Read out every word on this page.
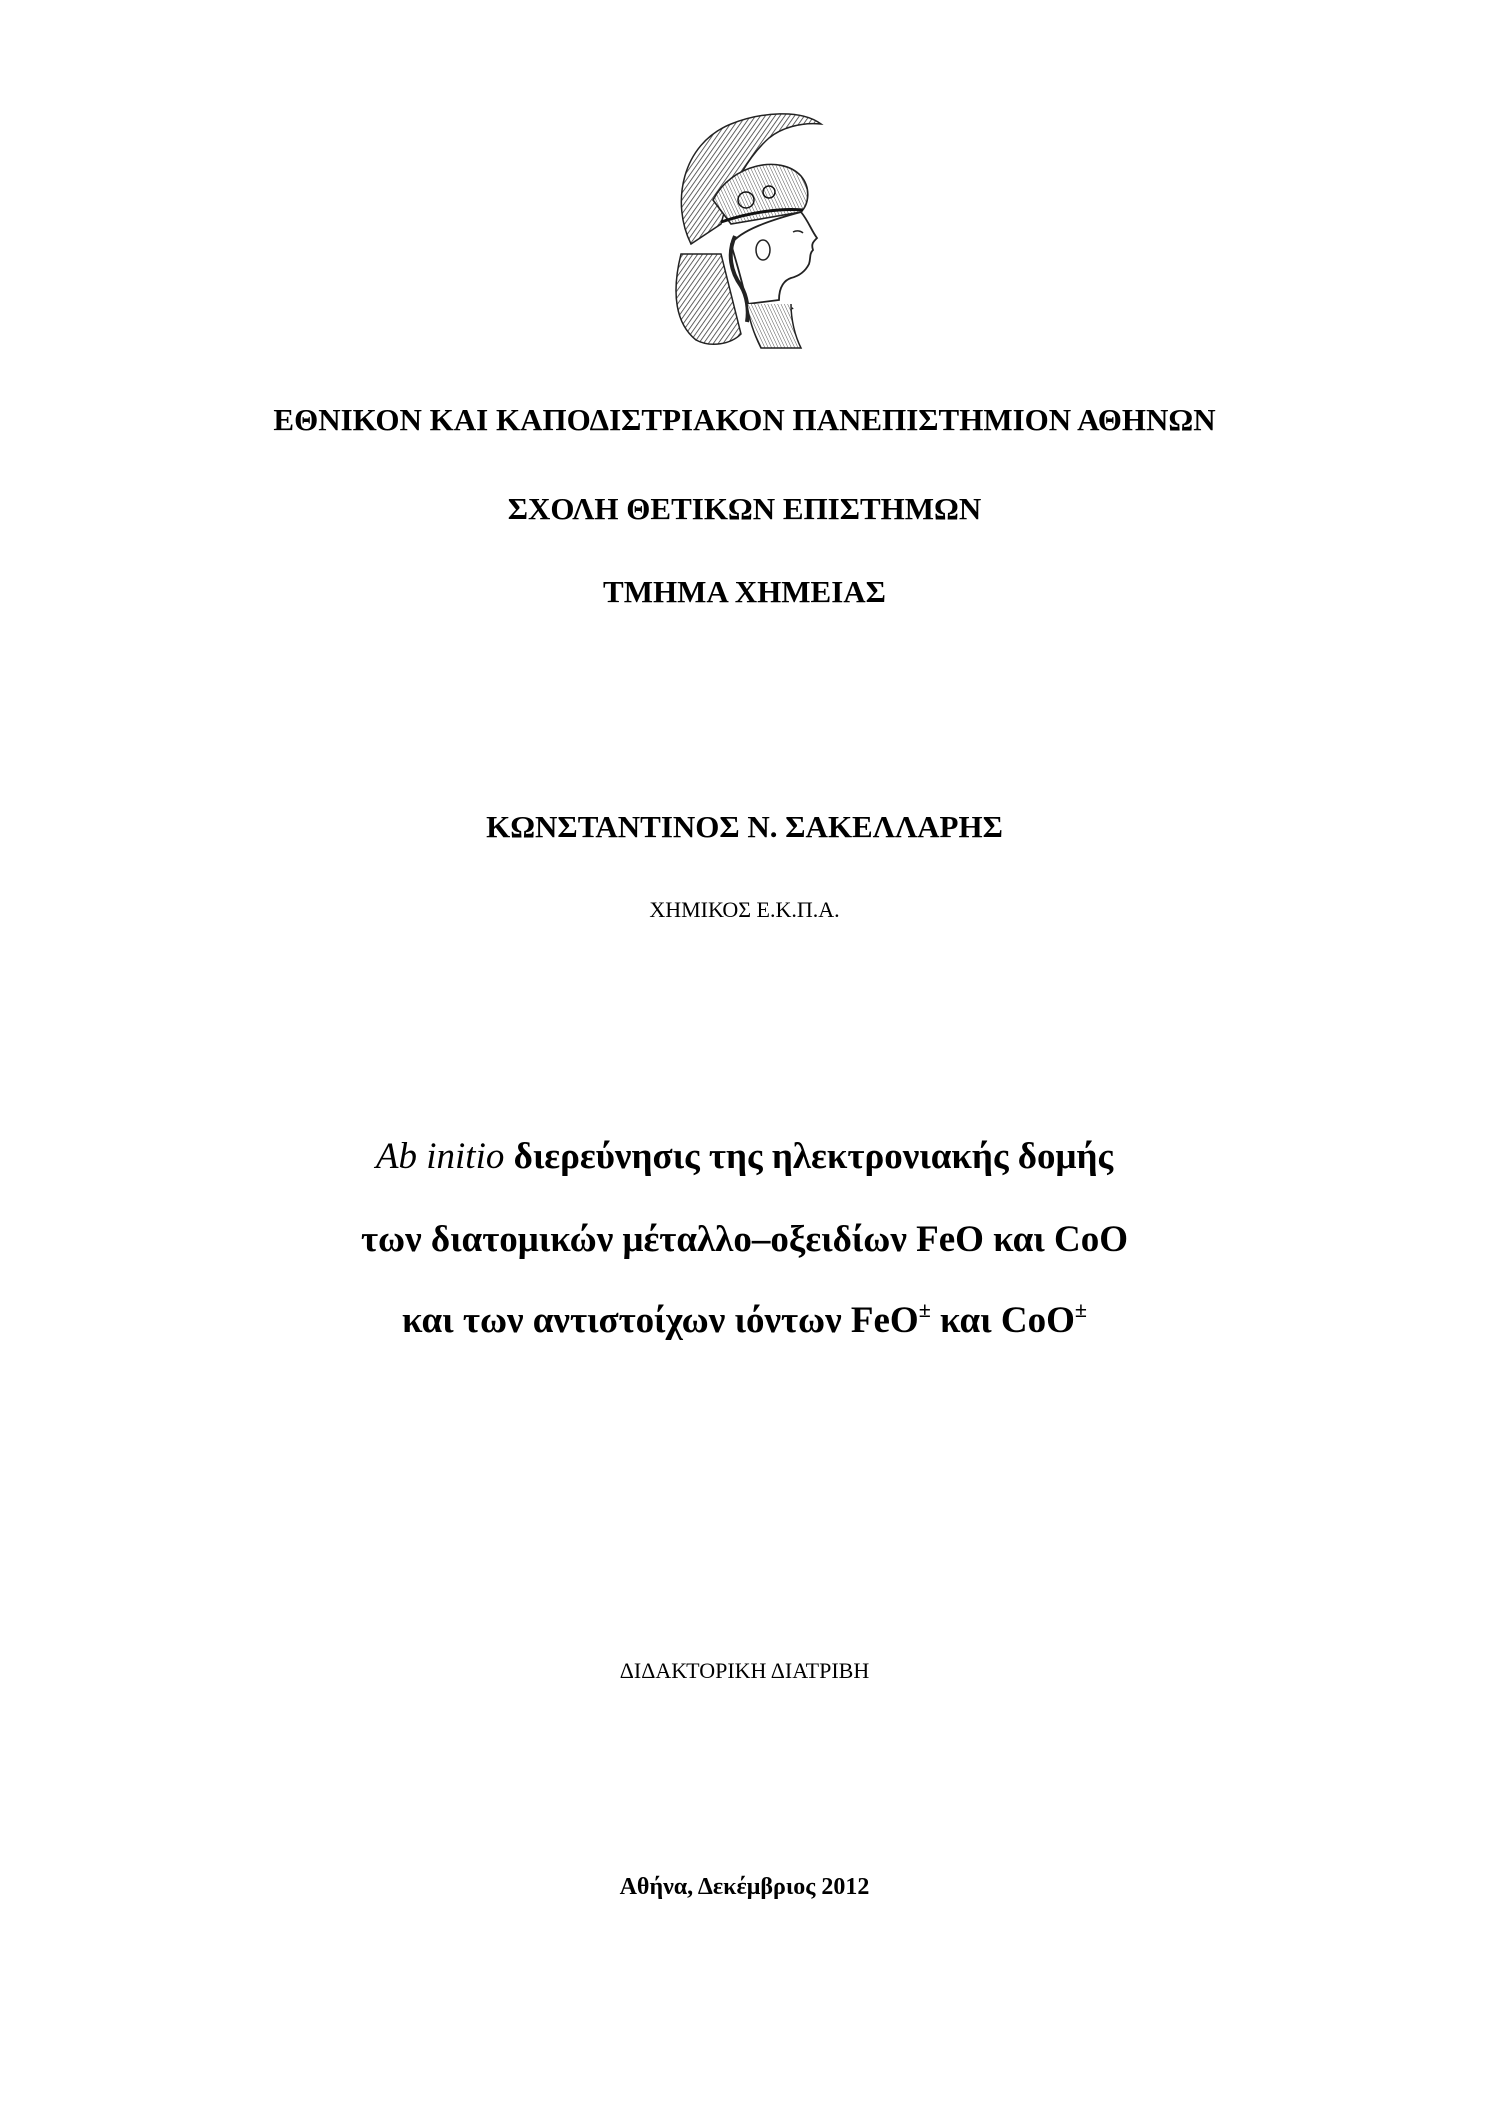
ΕΘΝΙΚΟΝ ΚΑΙ ΚΑΠΟΔΙΣΤΡΙΑΚΟΝ ΠΑΝΕΠΙΣΤΗΜΙΟΝ ΑΘΗΝΩΝ
ΣΧΟΛΗ ΘΕΤΙΚΩΝ ΕΠΙΣΤΗΜΩΝ
ΤΜΗΜΑ ΧΗΜΕΙΑΣ
ΚΩΝΣΤΑΝΤΙΝΟΣ Ν. ΣΑΚΕΛΛΑΡΗΣ
ΧΗΜΙΚΟΣ Ε.Κ.Π.Α.
Ab initio διερεύνησις της ηλεκτρονιακής δομής
των διατομικών μέταλλο–οξειδίων FeO και CoO
και των αντιστοίχων ιόντων FeO± και CoO±
ΔΙΔΑΚΤΟΡΙΚΗ ΔΙΑΤΡΙΒΗ
Αθήνα, Δεκέμβριος 2012
